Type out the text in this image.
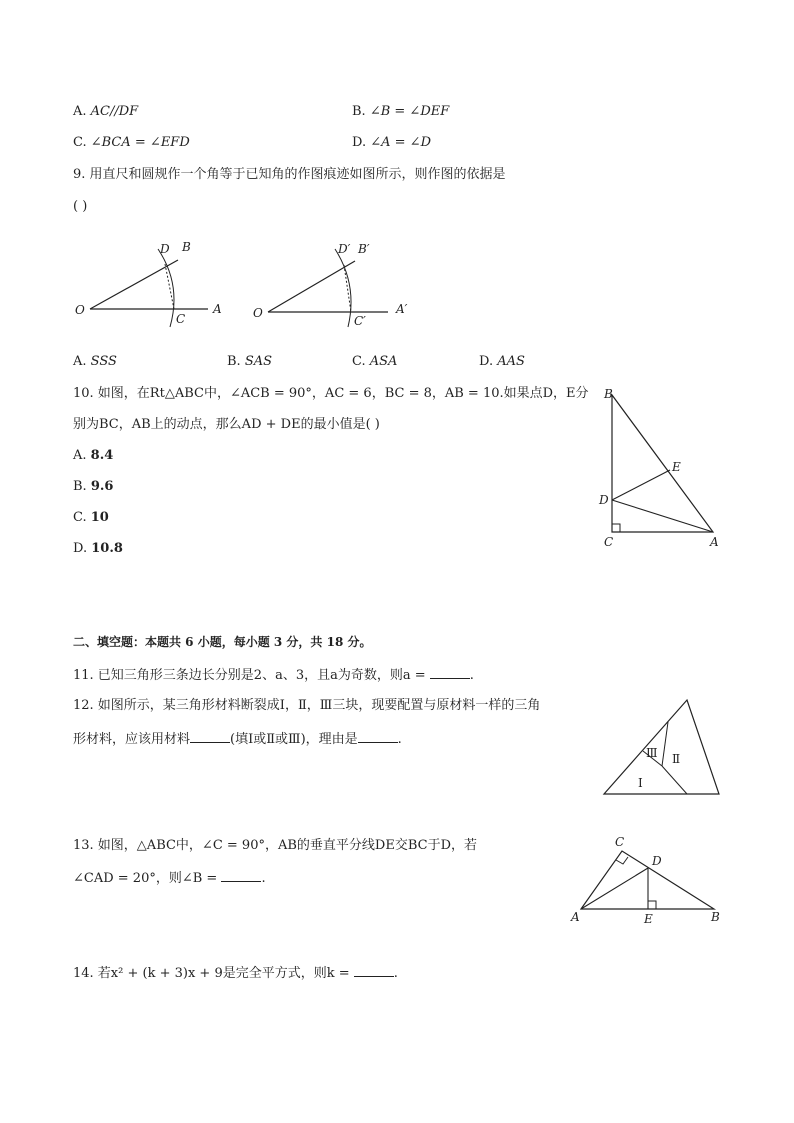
A. AC//DF	B. ∠B = ∠DEF
C. ∠BCA = ∠EFD	D. ∠A = ∠D
9. 用直尺和圆规作一个角等于已知角的作图痕迹如图所示，则作图的依据是
( )
O	A
B
C
D
O	A′
B′
C′
D′
A. SSS	B. SAS	C. ASA	D. AAS
10. 如图，在Rt△ABC中，∠ACB = 90°，AC = 6，BC = 8，AB = 10.如果点D，E分
别为BC，AB上的动点，那么AD + DE的最小值是( )
A. 8.4
B. 9.6
C. 10
D. 10.8
B
E
D
C	A
二、填空题：本题共 6 小题，每小题 3 分，共 18 分。
11. 已知三角形三条边长分别是2、a、3，且a为奇数，则a =	.
12. 如图所示，某三角形材料断裂成Ⅰ，Ⅱ，Ⅲ三块，现要配置与原材料一样的三角
形材料，应该用材料	(填Ⅰ或Ⅱ或Ⅲ)，理由是	.
Ⅲ Ⅱ
Ⅰ
13. 如图，△ABC中，∠C = 90°，AB的垂直平分线DE交BC于D，若
∠CAD = 20°，则∠B =	.
C
D
A	E	B
14. 若x² + (k + 3)x + 9是完全平方式，则k =	.
